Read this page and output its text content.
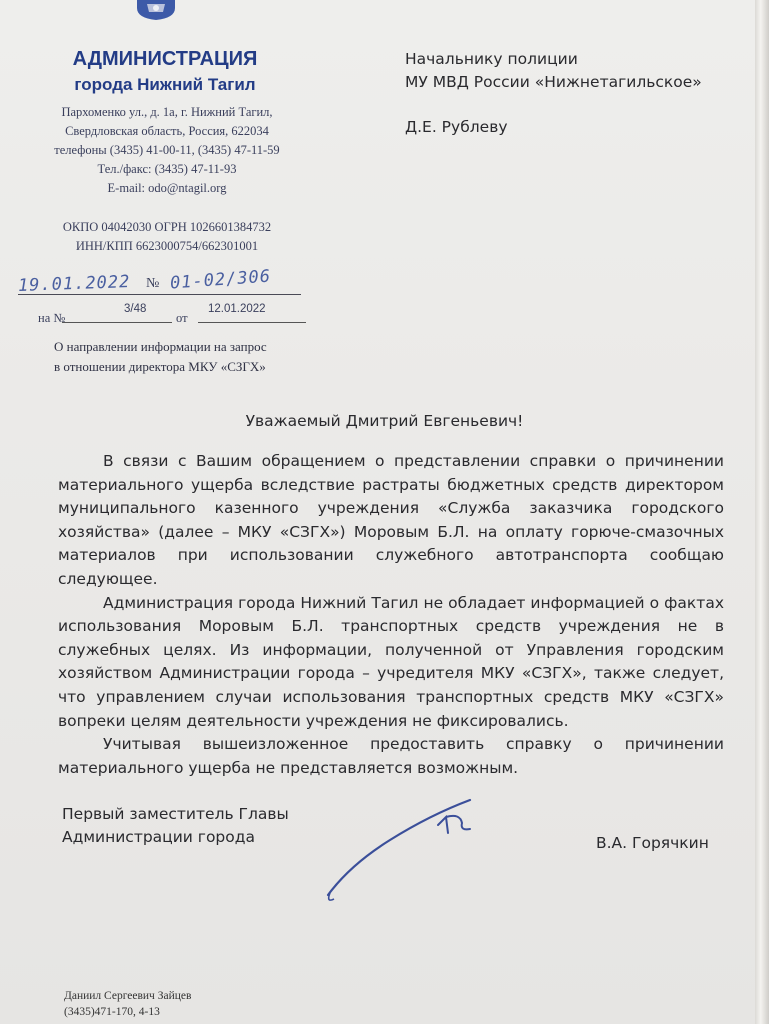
АДМИНИСТРАЦИЯ
города Нижний Тагил
Пархоменко ул., д. 1а, г. Нижний Тагил,
Свердловская область, Россия, 622034
телефоны (3435) 41-00-11, (3435) 47-11-59
Тел./факс: (3435) 47-11-93
E-mail: odo@ntagil.org
ОКПО 04042030 ОГРН 1026601384732
ИНН/КПП 6623000754/662301001
19.01.2022 № 01-02/306
на №
3/48
от
12.01.2022
О направлении информации на запрос
в отношении директора МКУ «СЗГХ»
Начальнику полиции
МУ МВД России «Нижнетагильское»
Д.Е. Рублеву
Уважаемый Дмитрий Евгеньевич!

В связи с Вашим обращением о представлении справки о причинении материального ущерба вследствие растраты бюджетных средств директором муниципального казенного учреждения «Служба заказчика городского хозяйства» (далее – МКУ «СЗГХ») Моровым Б.Л. на оплату горюче-смазочных материалов при использовании служебного автотранспорта сообщаю следующее.

Администрация города Нижний Тагил не обладает информацией о фактах использования Моровым Б.Л. транспортных средств учреждения не в служебных целях. Из информации, полученной от Управления городским хозяйством Администрации города – учредителя МКУ «СЗГХ», также следует, что управлением случаи использования транспортных средств МКУ «СЗГХ» вопреки целям деятельности учреждения не фиксировались.

Учитывая вышеизложенное предоставить справку о причинении материального ущерба не представляется возможным.

Первый заместитель Главы
Администрации города	В.А. Горячкин
Даниил Сергеевич Зайцев
(3435)471-170, 4-13
